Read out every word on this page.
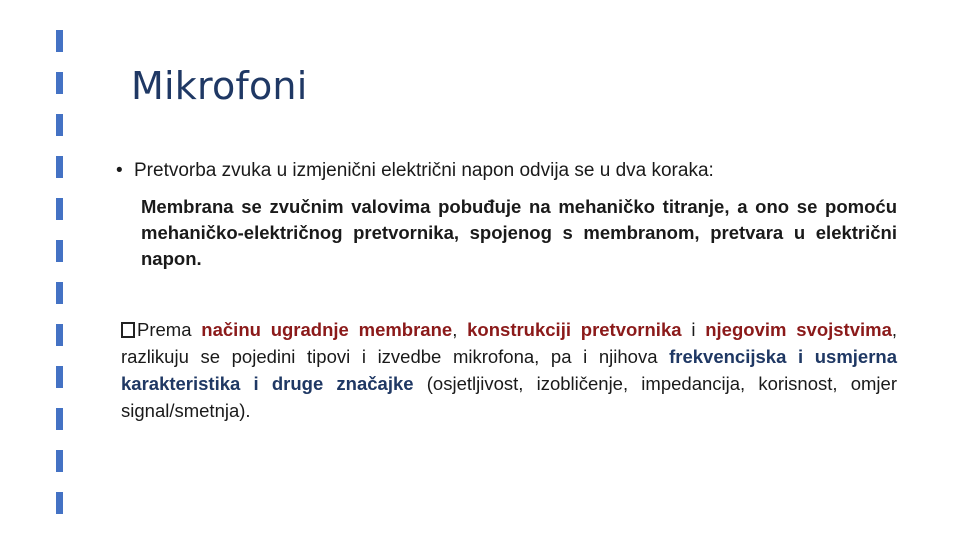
Mikrofoni
• Pretvorba zvuka u izmjenični električni napon odvija se u dva koraka:
Membrana se zvučnim valovima pobuđuje na mehaničko titranje, a ono se pomoću mehaničko-električnog pretvornika, spojenog s membranom, pretvara u električni napon.
Prema načinu ugradnje membrane, konstrukciji pretvornika i njegovim svojstvima, razlikuju se pojedini tipovi i izvedbe mikrofona, pa i njihova frekvencijska i usmjerna karakteristika i druge značajke (osjetljivost, izobličenje, impedancija, korisnost, omjer signal/smetnja).
